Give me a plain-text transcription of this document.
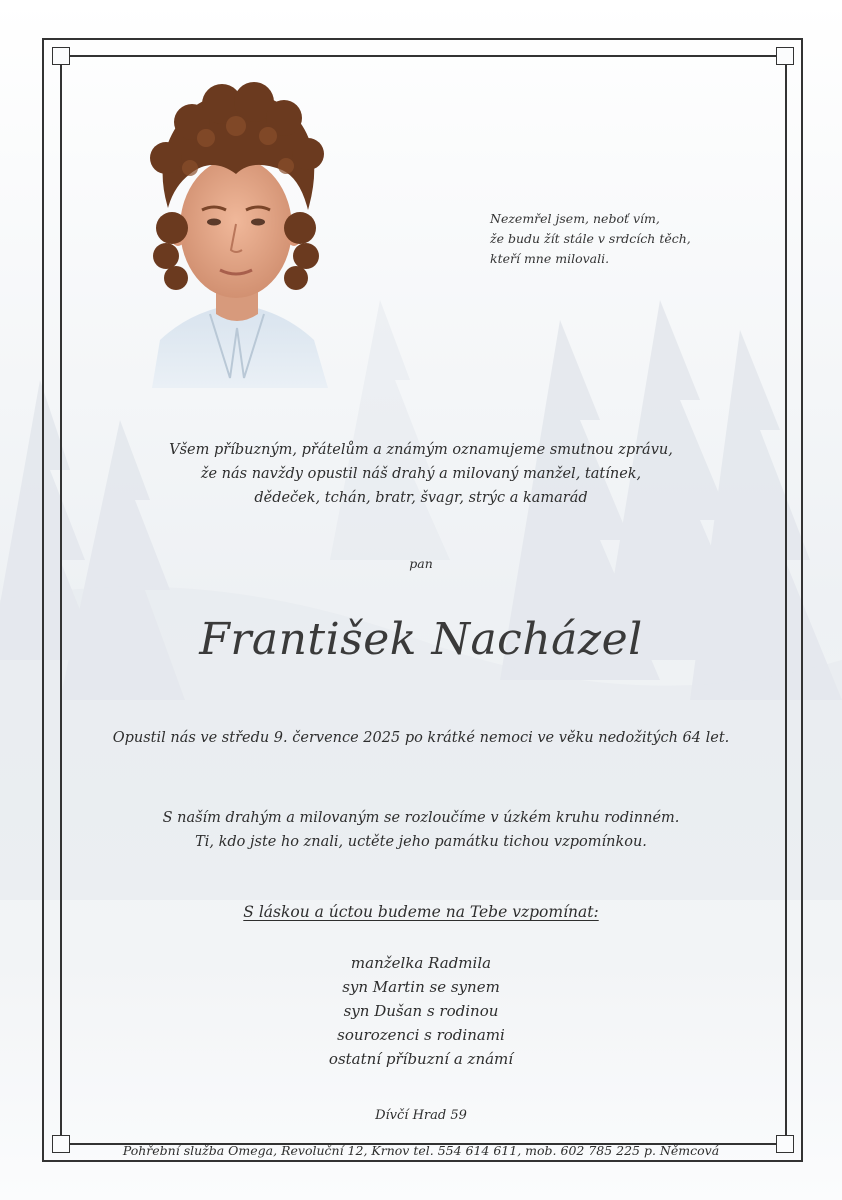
Nezemřel jsem, neboť vím,
že budu žít stále v srdcích těch,
kteří mne milovali.
Všem příbuzným, přátelům a známým oznamujeme smutnou zprávu,
že nás navždy opustil náš drahý a milovaný manžel, tatínek,
dědeček, tchán, bratr, švagr, strýc a kamarád
pan
František Nacházel
Opustil nás ve středu 9. července 2025 po krátké nemoci ve věku nedožitých 64 let.
S naším drahým a milovaným se rozloučíme v úzkém kruhu rodinném.
Ti, kdo jste ho znali, uctěte jeho památku tichou vzpomínkou.
S láskou a úctou budeme na Tebe vzpomínat:
manželka Radmila
syn Martin se synem
syn Dušan s rodinou
sourozenci s rodinami
ostatní příbuzní a známí
Dívčí Hrad 59
Pohřební služba Omega, Revoluční 12, Krnov tel. 554 614 611, mob. 602 785 225 p. Němcová
